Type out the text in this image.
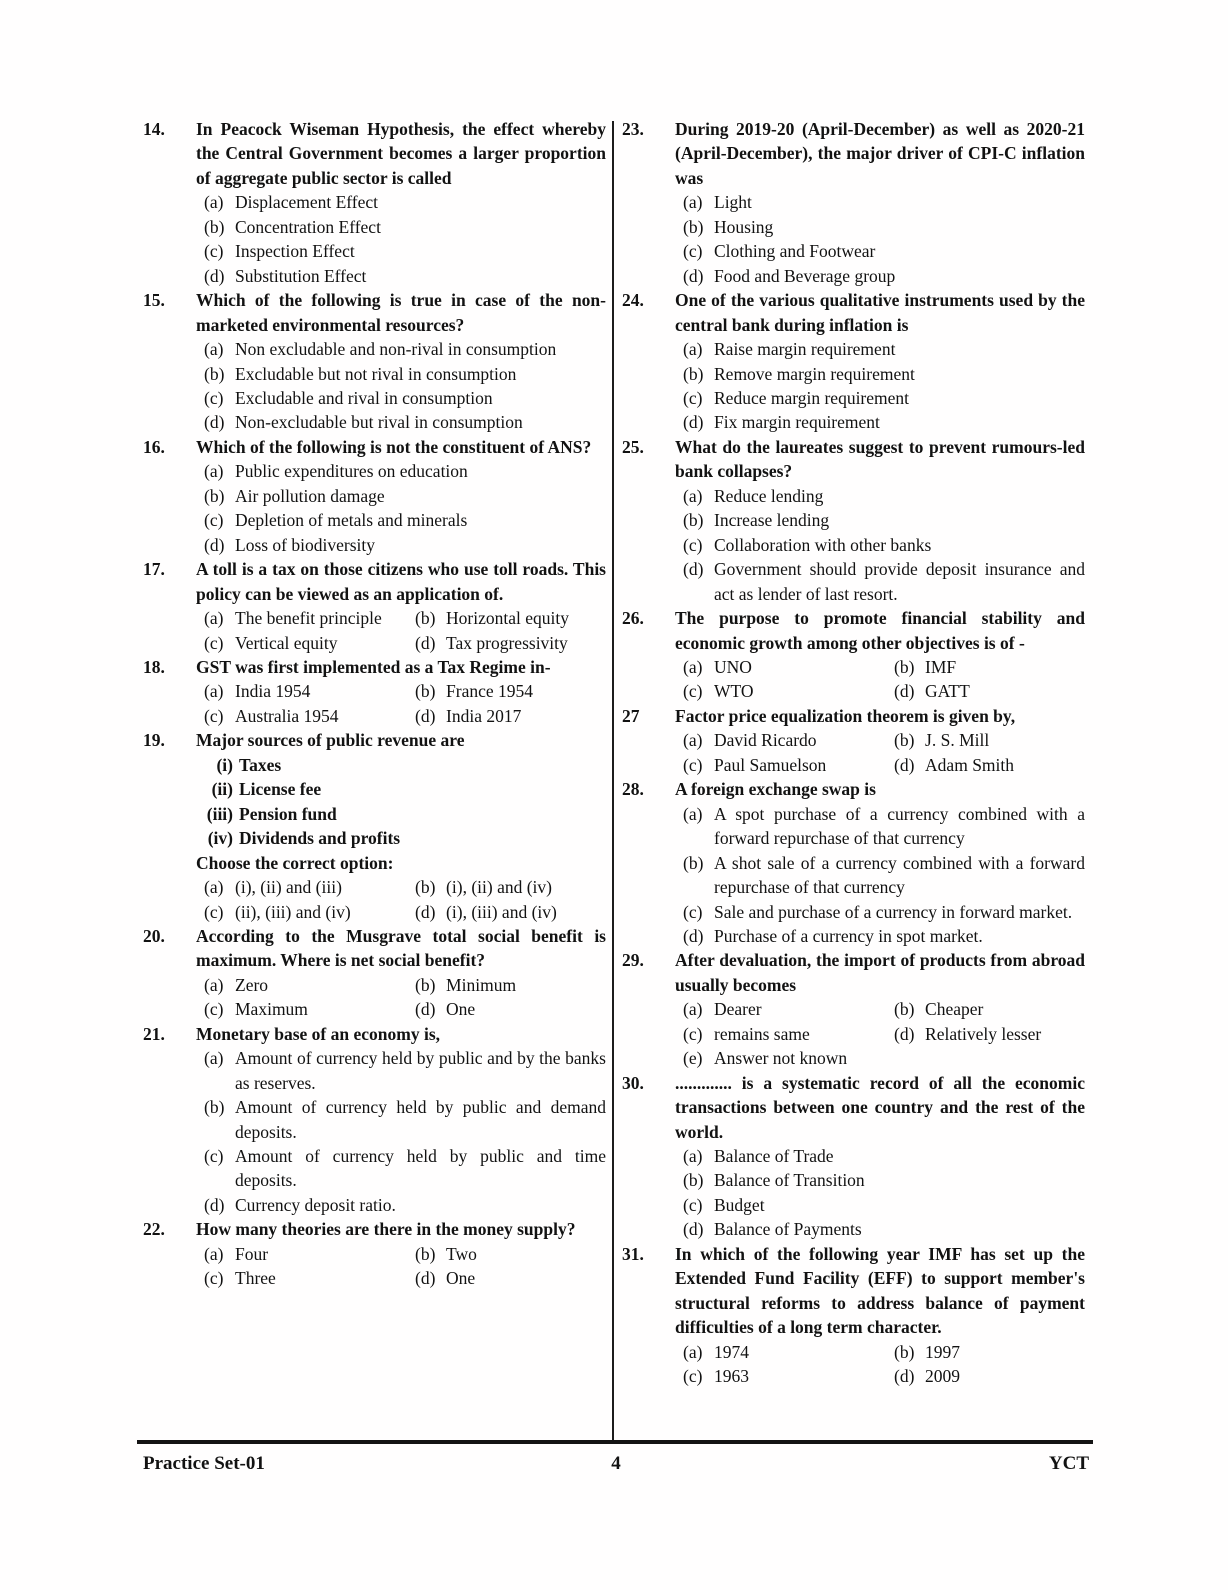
14.	In Peacock Wiseman Hypothesis, the effect whereby the Central Government becomes a larger proportion of aggregate public sector is called
(a) Displacement Effect
(b) Concentration Effect
(c) Inspection Effect
(d) Substitution Effect
15.	Which of the following is true in case of the non-marketed environmental resources?
(a) Non excludable and non-rival in consumption
(b) Excludable but not rival in consumption
(c) Excludable and rival in consumption
(d) Non-excludable but rival in consumption
16.	Which of the following is not the constituent of ANS?
(a) Public expenditures on education
(b) Air pollution damage
(c) Depletion of metals and minerals
(d) Loss of biodiversity
17.	A toll is a tax on those citizens who use toll roads. This policy can be viewed as an application of.
(a) The benefit principle	(b) Horizontal equity
(c) Vertical equity	(d) Tax progressivity
18.	GST was first implemented as a Tax Regime in-
(a) India 1954	(b) France 1954
(c) Australia 1954	(d) India 2017
19.	Major sources of public revenue are
(i) Taxes
(ii) License fee
(iii) Pension fund
(iv) Dividends and profits
Choose the correct option:
(a) (i), (ii) and (iii)	(b) (i), (ii) and (iv)
(c) (ii), (iii) and (iv)	(d) (i), (iii) and (iv)
20.	According to the Musgrave total social benefit is maximum. Where is net social benefit?
(a) Zero	(b) Minimum
(c) Maximum	(d) One
21.	Monetary base of an economy is,
(a) Amount of currency held by public and by the banks as reserves.
(b) Amount of currency held by public and demand deposits.
(c) Amount of currency held by public and time deposits.
(d) Currency deposit ratio.
22.	How many theories are there in the money supply?
(a) Four	(b) Two
(c) Three	(d) One
23.	During 2019-20 (April-December) as well as 2020-21 (April-December), the major driver of CPI-C inflation was
(a) Light
(b) Housing
(c) Clothing and Footwear
(d) Food and Beverage group
24.	One of the various qualitative instruments used by the central bank during inflation is
(a) Raise margin requirement
(b) Remove margin requirement
(c) Reduce margin requirement
(d) Fix margin requirement
25.	What do the laureates suggest to prevent rumours-led bank collapses?
(a) Reduce lending
(b) Increase lending
(c) Collaboration with other banks
(d) Government should provide deposit insurance and act as lender of last resort.
26.	The purpose to promote financial stability and economic growth among other objectives is of -
(a) UNO	(b) IMF
(c) WTO	(d) GATT
27	Factor price equalization theorem is given by,
(a) David Ricardo	(b) J. S. Mill
(c) Paul Samuelson	(d) Adam Smith
28.	A foreign exchange swap is
(a) A spot purchase of a currency combined with a forward repurchase of that currency
(b) A shot sale of a currency combined with a forward repurchase of that currency
(c) Sale and purchase of a currency in forward market.
(d) Purchase of a currency in spot market.
29.	After devaluation, the import of products from abroad usually becomes
(a) Dearer	(b) Cheaper
(c) remains same	(d) Relatively lesser
(e) Answer not known
30.	............. is a systematic record of all the economic transactions between one country and the rest of the world.
(a) Balance of Trade
(b) Balance of Transition
(c) Budget
(d) Balance of Payments
31.	In which of the following year IMF has set up the Extended Fund Facility (EFF) to support member's structural reforms to address balance of payment difficulties of a long term character.
(a) 1974	(b) 1997
(c) 1963	(d) 2009
Practice Set-01	4	YCT
